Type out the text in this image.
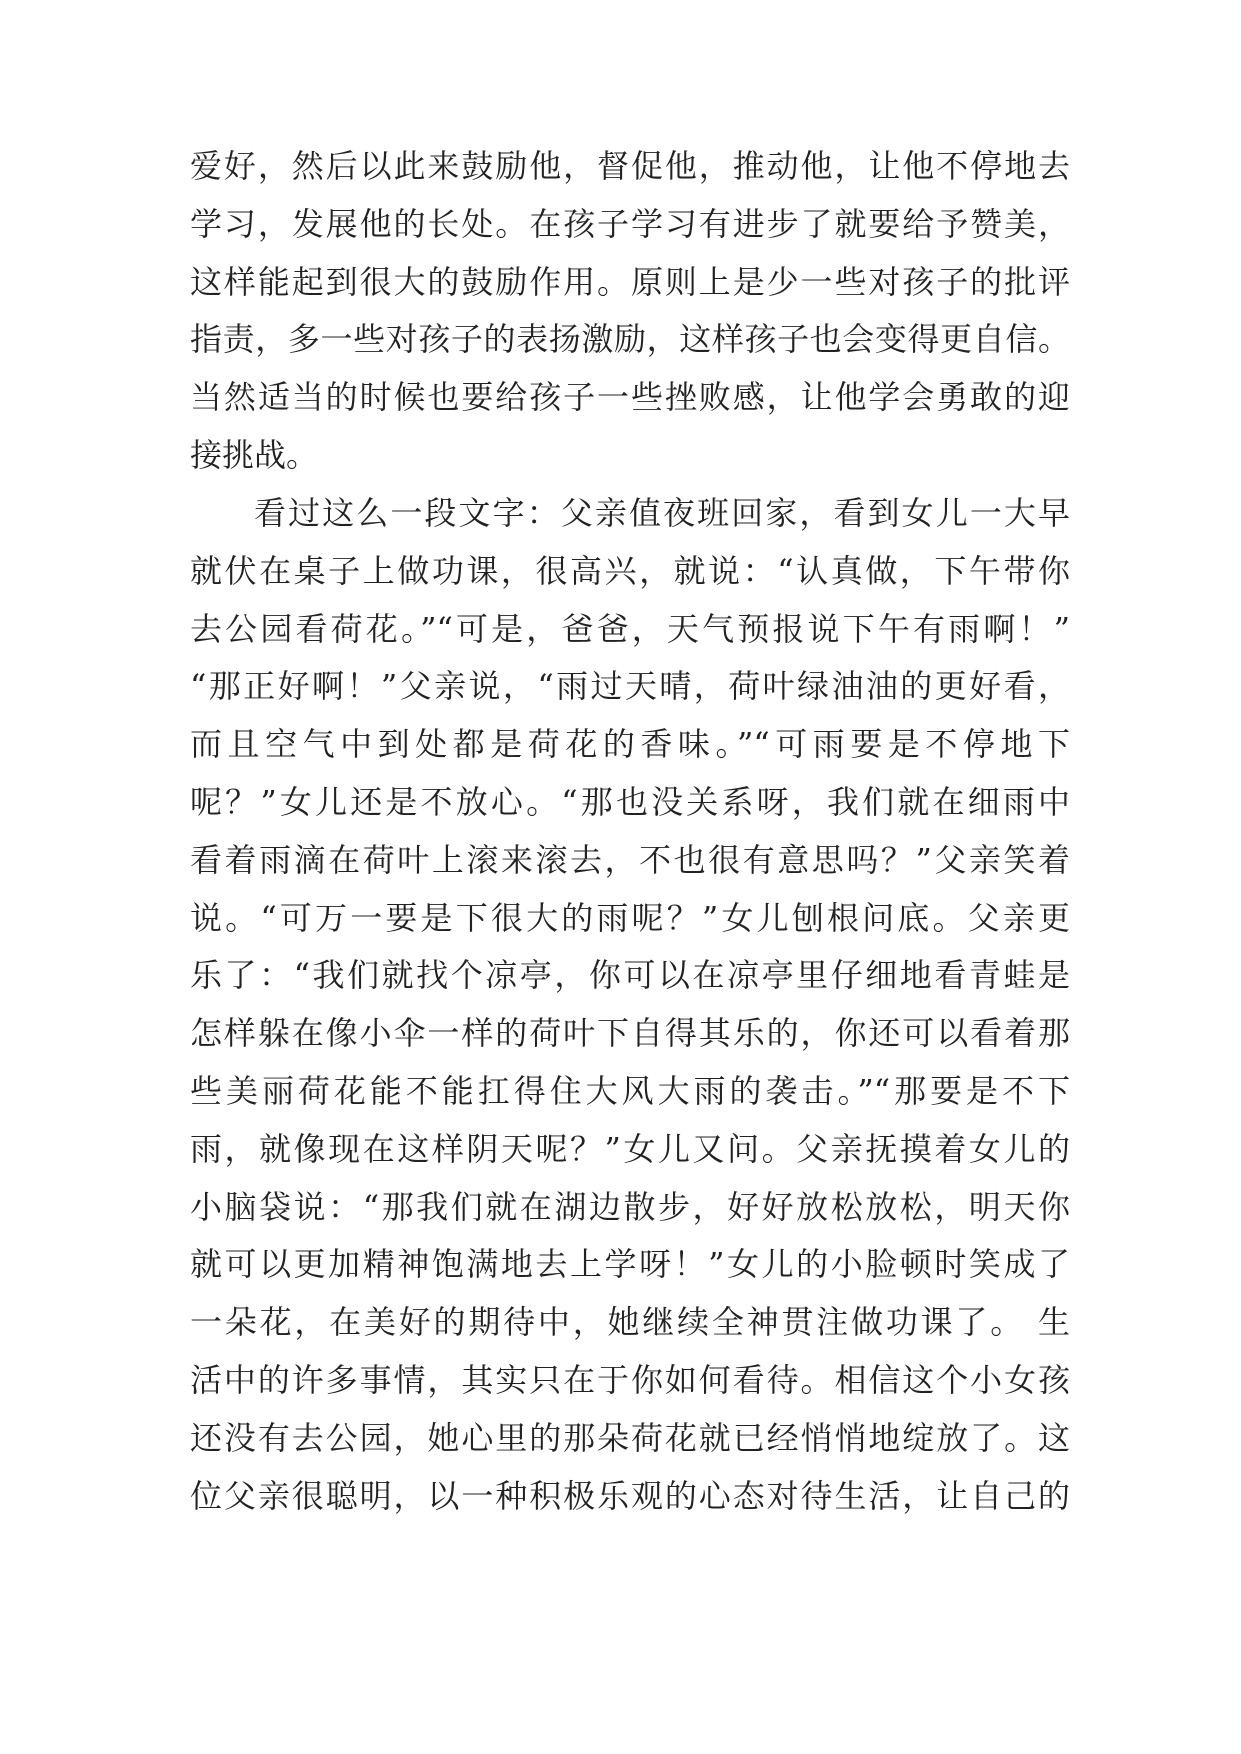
爱好，然后以此来鼓励他，督促他，推动他，让他不停地去
学习，发展他的长处。在孩子学习有进步了就要给予赞美，
这样能起到很大的鼓励作用。原则上是少一些对孩子的批评
指责，多一些对孩子的表扬激励，这样孩子也会变得更自信。
当然适当的时候也要给孩子一些挫败感，让他学会勇敢的迎
接挑战。
看过这么一段文字：父亲值夜班回家，看到女儿一大早
就伏在桌子上做功课，很高兴，就说：“认真做，下午带你
去公园看荷花。”“可是，爸爸，天气预报说下午有雨啊！”
“那正好啊！”父亲说，“雨过天晴，荷叶绿油油的更好看，
而且空气中到处都是荷花的香味。”“可雨要是不停地下
呢？”女儿还是不放心。“那也没关系呀，我们就在细雨中
看着雨滴在荷叶上滚来滚去，不也很有意思吗？”父亲笑着
说。“可万一要是下很大的雨呢？”女儿刨根问底。父亲更
乐了：“我们就找个凉亭，你可以在凉亭里仔细地看青蛙是
怎样躲在像小伞一样的荷叶下自得其乐的，你还可以看着那
些美丽荷花能不能扛得住大风大雨的袭击。”“那要是不下
雨，就像现在这样阴天呢？”女儿又问。父亲抚摸着女儿的
小脑袋说：“那我们就在湖边散步，好好放松放松，明天你
就可以更加精神饱满地去上学呀！”女儿的小脸顿时笑成了
一朵花，在美好的期待中，她继续全神贯注做功课了。 生
活中的许多事情，其实只在于你如何看待。相信这个小女孩
还没有去公园，她心里的那朵荷花就已经悄悄地绽放了。这
位父亲很聪明，以一种积极乐观的心态对待生活，让自己的
